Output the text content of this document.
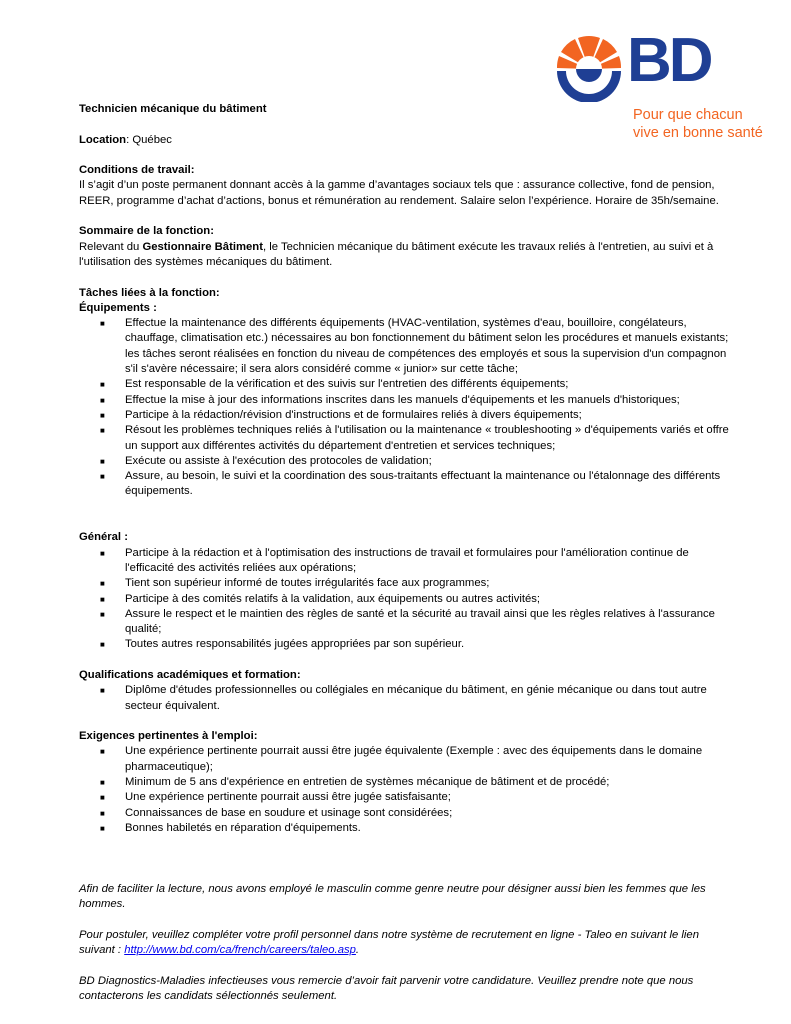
BD
Pour que chacun
vive en bonne santé

Technicien mécanique du bâtiment

Location: Québec

Conditions de travail:

Il s’agit d’un poste permanent donnant accès à la gamme d’avantages sociaux tels que : assurance collective, fond de pension, REER, programme d’achat d’actions, bonus et rémunération au rendement. Salaire selon l’expérience. Horaire de 35h/semaine.

Sommaire de la fonction:

Relevant du Gestionnaire Bâtiment, le Technicien mécanique du bâtiment exécute les travaux reliés à l'entretien, au suivi et à l'utilisation des systèmes mécaniques du bâtiment.

Tâches liées à la fonction:

Équipements :

■ Effectue la maintenance des différents équipements (HVAC-ventilation, systèmes d'eau, bouilloire, congélateurs, chauffage, climatisation etc.) nécessaires au bon fonctionnement du bâtiment selon les procédures et manuels existants; les tâches seront réalisées en fonction du niveau de compétences des employés et sous la supervision d'un compagnon s'il s'avère nécessaire; il sera alors considéré comme « junior» sur cette tâche;
■ Est responsable de la vérification et des suivis sur l'entretien des différents équipements;
■ Effectue la mise à jour des informations inscrites dans les manuels d'équipements et les manuels d'historiques;
■ Participe à la rédaction/révision d'instructions et de formulaires reliés à divers équipements;
■ Résout les problèmes techniques reliés à l'utilisation ou la maintenance « troubleshooting » d'équipements variés et offre un support aux différentes activités du département d'entretien et services techniques;
■ Exécute ou assiste à l'exécution des protocoles de validation;
■ Assure, au besoin, le suivi et la coordination des sous-traitants effectuant la maintenance ou l'étalonnage des différents équipements.

Général :

■ Participe à la rédaction et à l'optimisation des instructions de travail et formulaires pour l'amélioration continue de l'efficacité des activités reliées aux opérations;
■ Tient son supérieur informé de toutes irrégularités face aux programmes;
■ Participe à des comités relatifs à la validation, aux équipements ou autres activités;
■ Assure le respect et le maintien des règles de santé et la sécurité au travail ainsi que les règles relatives à l'assurance qualité;
■ Toutes autres responsabilités jugées appropriées par son supérieur.

Qualifications académiques et formation:

■ Diplôme d'études professionnelles ou collégiales en mécanique du bâtiment, en génie mécanique ou dans tout autre secteur équivalent.

Exigences pertinentes à l'emploi:

■ Une expérience pertinente pourrait aussi être jugée équivalente (Exemple : avec des équipements dans le domaine pharmaceutique);
■ Minimum de 5 ans d'expérience en entretien de systèmes mécanique de bâtiment et de procédé;
■ Une expérience pertinente pourrait aussi être jugée satisfaisante;
■ Connaissances de base en soudure et usinage sont considérées;
■ Bonnes habiletés en réparation d'équipements.

Afin de faciliter la lecture, nous avons employé le masculin comme genre neutre pour désigner aussi bien les femmes que les hommes.

Pour postuler, veuillez compléter votre profil personnel dans notre système de recrutement en ligne - Taleo en suivant le lien suivant : http://www.bd.com/ca/french/careers/taleo.asp.

BD Diagnostics-Maladies infectieuses vous remercie d’avoir fait parvenir votre candidature. Veuillez prendre note que nous contacterons les candidats sélectionnés seulement.
